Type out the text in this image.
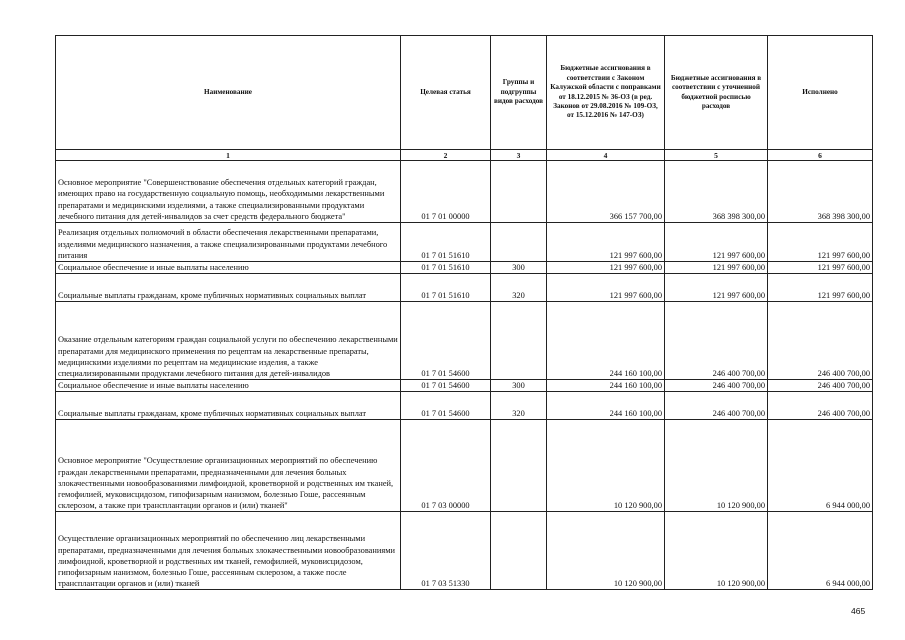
Наименование	Целевая статья	Группы и подгруппы видов расходов	Бюджетные ассигнования в соответствии с Законом Калужской области с поправками от 18.12.2015 № 36-ОЗ (в ред. Законов от 29.08.2016 № 109-ОЗ, от 15.12.2016 № 147-ОЗ)	Бюджетные ассигнования в соответствии с уточненной бюджетной росписью расходов	Исполнено
1	2	3	4	5	6
Основное мероприятие "Совершенствование обеспечения отдельных категорий граждан, имеющих право на государственную социальную помощь, необходимыми лекарственными препаратами и медицинскими изделиями, а также специализированными продуктами лечебного питания для детей-инвалидов за счет средств федерального бюджета"	01 7 01 00000		366 157 700,00	368 398 300,00	368 398 300,00
Реализация отдельных полномочий в области обеспечения лекарственными препаратами, изделиями медицинского назначения, а также специализированными продуктами лечебного питания	01 7 01 51610		121 997 600,00	121 997 600,00	121 997 600,00
Социальное обеспечение и иные выплаты населению	01 7 01 51610	300	121 997 600,00	121 997 600,00	121 997 600,00
Социальные выплаты гражданам, кроме публичных нормативных социальных выплат	01 7 01 51610	320	121 997 600,00	121 997 600,00	121 997 600,00
Оказание отдельным категориям граждан социальной услуги по обеспечению лекарственными препаратами для медицинского применения по рецептам на лекарственные препараты, медицинскими изделиями по рецептам на медицинские изделия, а также специализированными продуктами лечебного питания для детей-инвалидов	01 7 01 54600		244 160 100,00	246 400 700,00	246 400 700,00
Социальное обеспечение и иные выплаты населению	01 7 01 54600	300	244 160 100,00	246 400 700,00	246 400 700,00
Социальные выплаты гражданам, кроме публичных нормативных социальных выплат	01 7 01 54600	320	244 160 100,00	246 400 700,00	246 400 700,00
Основное мероприятие "Осуществление организационных мероприятий по обеспечению граждан лекарственными препаратами, предназначенными для лечения больных злокачественными новообразованиями лимфоидной, кроветворной и родственных им тканей, гемофилией, муковисцидозом, гипофизарным нанизмом, болезнью Гоше, рассеянным склерозом, а также при трансплантации органов и (или) тканей"	01 7 03 00000		10 120 900,00	10 120 900,00	6 944 000,00
Осуществление организационных мероприятий по обеспечению лиц лекарственными препаратами, предназначенными для лечения больных злокачественными новообразованиями лимфоидной, кроветворной и родственных им тканей, гемофилией, муковисцидозом, гипофизарным нанизмом, болезнью Гоше, рассеянным склерозом, а также после трансплантации органов и (или) тканей	01 7 03 51330		10 120 900,00	10 120 900,00	6 944 000,00
465
